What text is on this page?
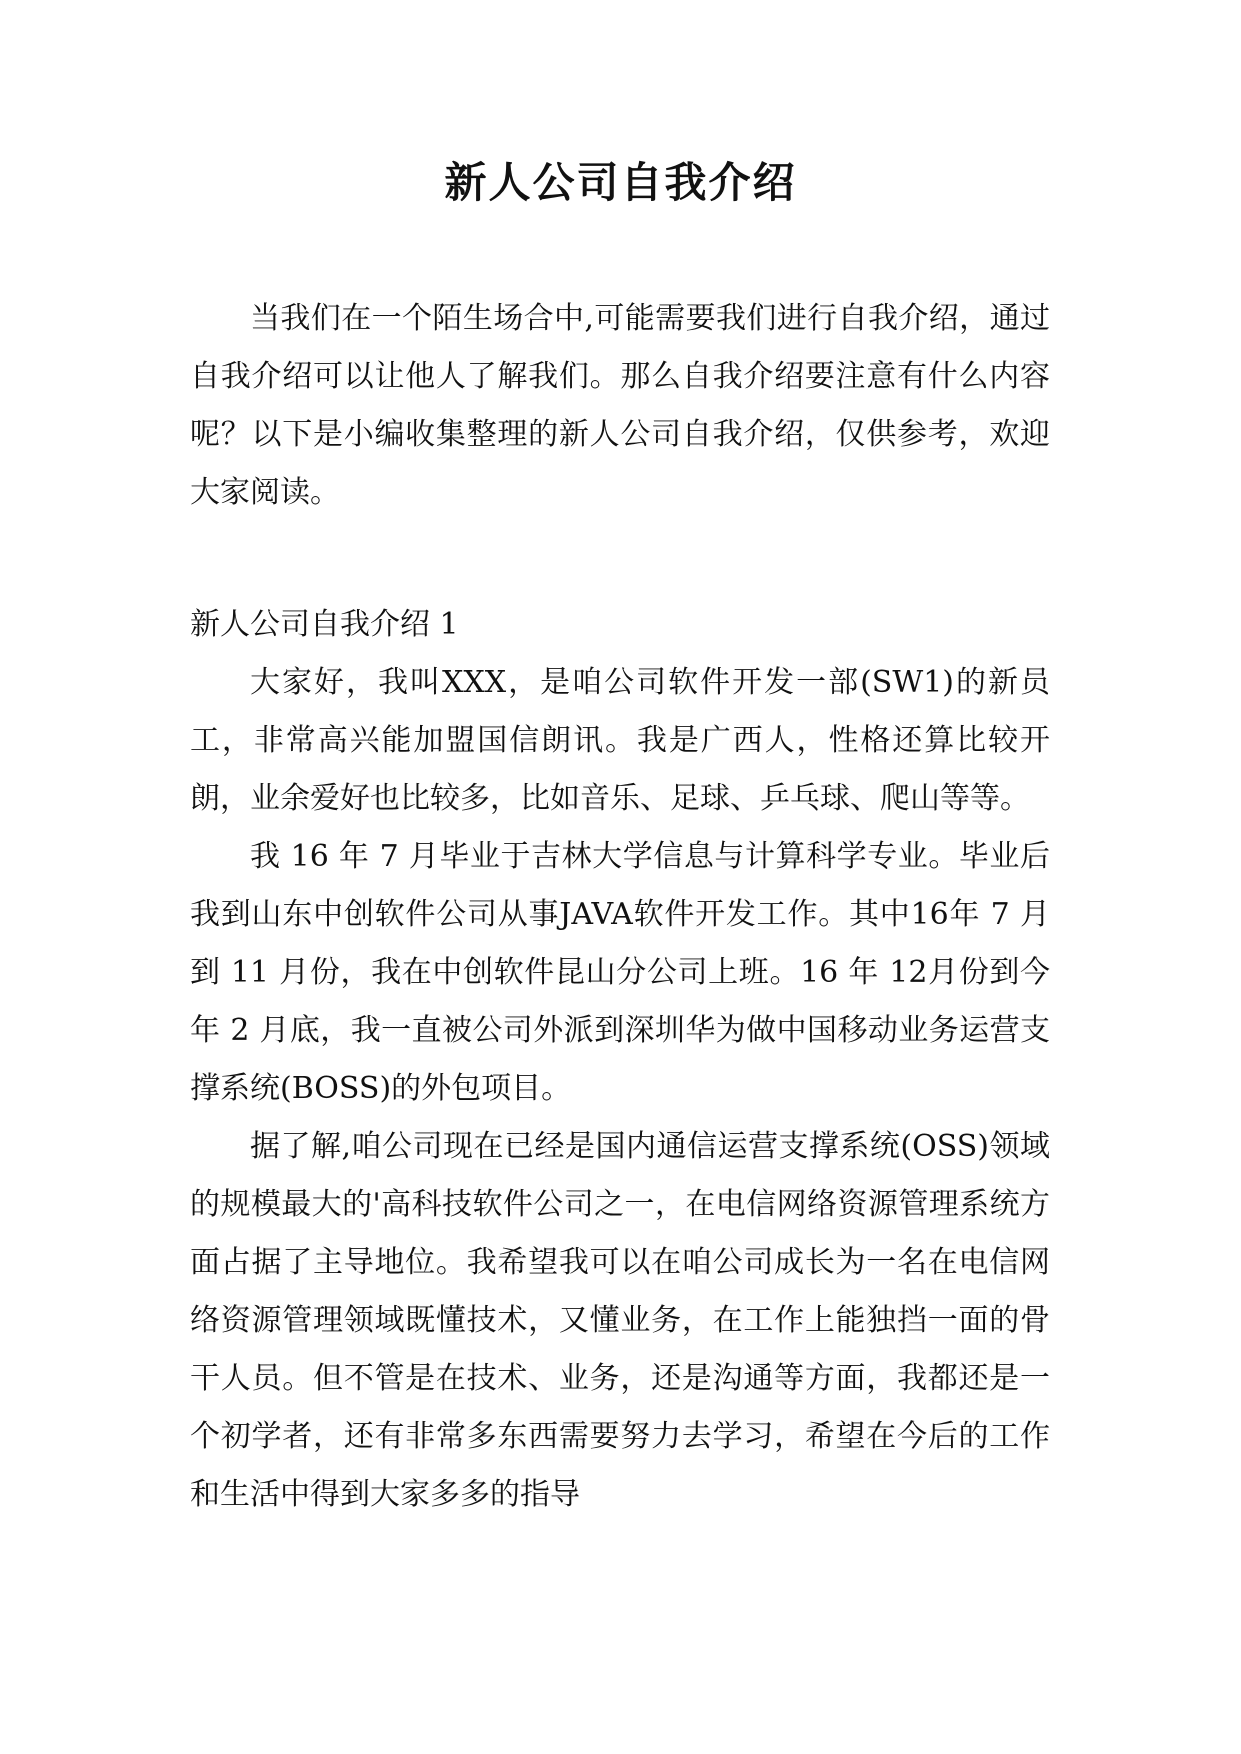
新人公司自我介绍

当我们在一个陌生场合中,可能需要我们进行自我介绍，通过自我介绍可以让他人了解我们。那么自我介绍要注意有什么内容呢？以下是小编收集整理的新人公司自我介绍，仅供参考，欢迎大家阅读。

新人公司自我介绍 1

大家好，我叫XXX，是咱公司软件开发一部(SW1)的新员工，非常高兴能加盟国信朗讯。我是广西人，性格还算比较开朗，业余爱好也比较多，比如音乐、足球、乒乓球、爬山等等。

我 16 年 7 月毕业于吉林大学信息与计算科学专业。毕业后我到山东中创软件公司从事JAVA软件开发工作。其中16年 7 月到 11 月份，我在中创软件昆山分公司上班。16 年 12月份到今年 2 月底，我一直被公司外派到深圳华为做中国移动业务运营支撑系统(BOSS)的外包项目。

据了解,咱公司现在已经是国内通信运营支撑系统(OSS)领域的规模最大的'高科技软件公司之一，在电信网络资源管理系统方面占据了主导地位。我希望我可以在咱公司成长为一名在电信网络资源管理领域既懂技术，又懂业务，在工作上能独挡一面的骨干人员。但不管是在技术、业务，还是沟通等方面，我都还是一个初学者，还有非常多东西需要努力去学习，希望在今后的工作和生活中得到大家多多的指导
